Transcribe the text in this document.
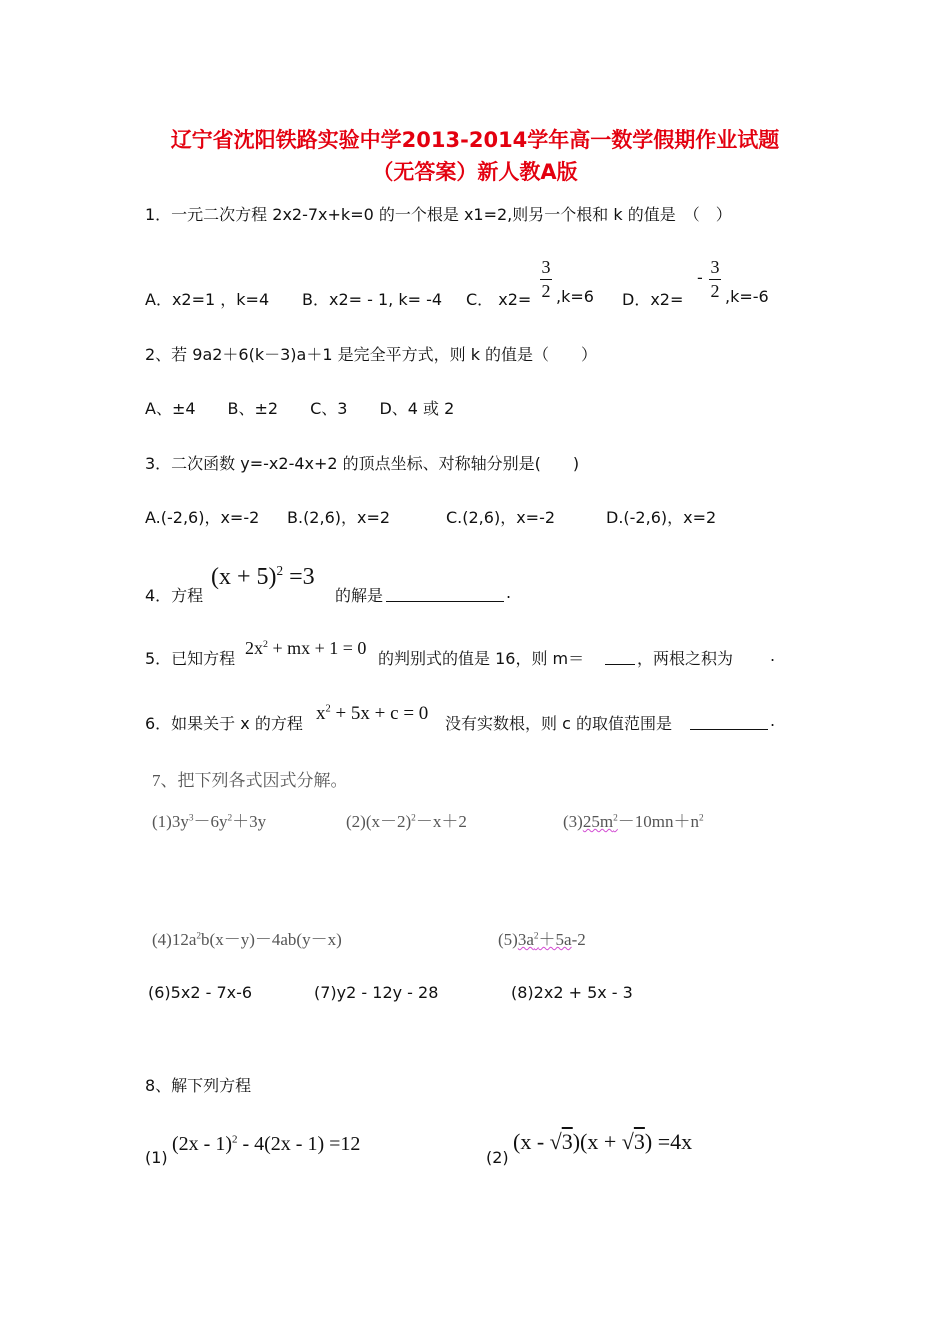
辽宁省沈阳铁路实验中学2013-2014学年高一数学假期作业试题
（无答案）新人教A版
1．一元二次方程 2x2-7x+k=0 的一个根是 x1=2,则另一个根和 k 的值是　（　）
A．x2=1 ，k=4 B．x2= - 1, k= -4 C． x2=
3
2 ,k=6 D．x2=
-
3
2 ,k=-6
2、若 9a2＋6(k－3)a＋1 是完全平方式，则 k 的值是（　　）
A、±4　　B、±2　　C、3　　D、4 或 2
3．二次函数 y=-x2-4x+2 的顶点坐标、对称轴分别是(　　)
A.(-2,6)，x=-2 B.(2,6)，x=2	C.(2,6)，x=-2	D.(-2,6)，x=2
4．方程
$(x + 5)^2 =3$
的解是	.
5．已知方程
$2x^2$ + mx + 1 = 0
的判别式的值是 16，则 m＝	，两根之积为 .
6．如果关于 x 的方程 $x^2 + 5x + c = 0$ 没有实数根，则 c 的取值范围是	.
7、把下列各式因式分解。
$(1)3y^3-6y^2+3y$	$(2)(x-2)^2-x+2$	$(3)25m^2-10mn+n^2$
$(4)12a^2b(x-y)-4ab(y-x)$	$(5)3a^2+5a-2$
(6)5x2 - 7x-6	(7)y2 - 12y - 28	(8)2x2 + 5x - 3
8、解下列方程
(1)
(2x - 1)$^2$ - 4(2x - 1) =12
(2)
(x - √3)(x + √3) =4x
